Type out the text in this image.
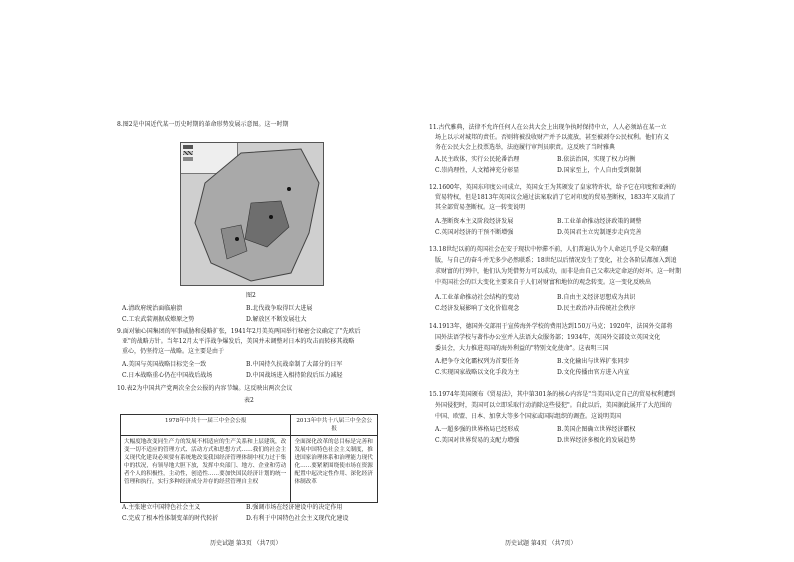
8.图2是中国近代某一历史时期的革命形势发展示意图。这一时期
图2
A.清政府统治面临崩溃	B.北伐战争取得巨大进展
C.工农武装割据成燎原之势	D.解放区不断发展壮大
9.面对轴心国集团的军事威胁和侵略扩张，1941年2月美英两国举行秘密会议确定了"先欧后
亚"的战略方针。当年12月太平洋战争爆发后，美国并未调整对日本的攻击而转移其战略
重心，仍坚持这一战略。这主要是由于
A.美国与英国战略目标完全一致	B.中国持久抗战牵制了大部分的日军
C.日本战略重心仍在中国战后战场	D.中国战场进入相持阶段后压力减轻
10.表2为中国共产党两次全会公报的内容节编。这反映出两次会议
表2
1978年中共十一届三中全会公报	2013年中共十八届三中全会公报

大幅度地改变同生产力的发展不相适应的生产关系和上层建筑，改变一切不适应的管理方式、活动方式和思想方式……我们的社会主义现代化建设必须要有系统地改变我国经济管理体制中权力过于集中的状况，有领导地大胆下放，发挥中央部门、地方、企业和劳动者个人的积极性，主动性，创造性……要加快国民经济计划的统一管理和执行，实行多种经济成分并存的经营管理自主权	全面深化改革的总目标是完善和发展中国特色社会主义制度，推进国家治理体系和治理能力现代化……要紧紧围绕使市场在资源配置中起决定性作用、深化经济体制改革
A.主张建立中国特色社会主义	B.强调市场在经济建设中的决定作用
C.完成了根本性体制变革的时代转折	D.有利于中国特色社会主义现代化建设
历史试题 第3页 （共7页）
11.古代雅典，法律不允许任何人在公共大会上出现争执时保持中立，人人必须站在某一立
场上以示对城邦的责任。否则将被没收财产并予以流放，甚至被剥夺公民权利。他们有义
务在公民大会上投票选举，法庭履行审判员职责。这反映了当时雅典
A.民主政体，实行公民轮番治理	B.依法治国，实现了权力均衡
C.崇尚理性，人文精神充分彰显	D.国家至上，个人自由受到限制
12.1600年，英国东印度公司成立，英国女王为其颁发了皇家特许状，给予它在印度和亚洲的
贸易特权，但是1813年英国议会通过法案取消了它对印度的贸易垄断权，1833年又取消了
其全部贸易垄断权。这一转变说明
A.垄断资本主义阶段经济发展	B.工业革命推动经济政策的调整
C.英国对经济的干预不断增强	D.英国君主立宪制逐步走向完善
13.18世纪以前的英国社会在安于现状中停滞不前，人们普遍认为个人命运几乎是父辈的翻
版，与自己的奋斗并无多少必然联系；18世纪以后情况发生了变化，社会各阶层都加入到追
求财富的行列中，他们认为凭借努力可以成功，而非是由自己父辈决定命运的好坏。这一时期
中英国社会的巨大变化主要来自于人们对财富和地位的观念转变。这一变化反映出
A.工业革命推动社会结构的变动	B.自由主义经济思想成为共识
C.经济发展影响了文化价值观念	D.民主政治冲击传统社会秩序
14.1913年，德国外交部用于宣传海外学校的费用达到150万马克；1920年，法国外交部将
国外法语学校与著作办公室并入法语大众服务部；1934年，英国外交部设立英国文化
委员会，大力推进英国的海外利益的"特别文化使命"。这表明三国
A.把争夺文化霸权列为首要任务	B.文化输出与世界扩张同步
C.实现国家战略以文化手段为主	D.文化传播由官方进入内宣
15.1974年美国颁布《贸易法》，其中第301条的核心内容是"当美国认定自己的贸易权利遭到
外国侵犯时，美国可以立即采取行动消除这些侵犯"。自此以后，美国据此展开了大范围的
中国、欧盟、日本、加拿大等多个国家或国际组织的调查。这说明美国
A.一超多强的世界格局已经形成	B.美国企图确立世界经济霸权
C.美国对世界贸易的支配力增强	D.世界经济多极化的发展趋势
历史试题 第4页 （共7页）
